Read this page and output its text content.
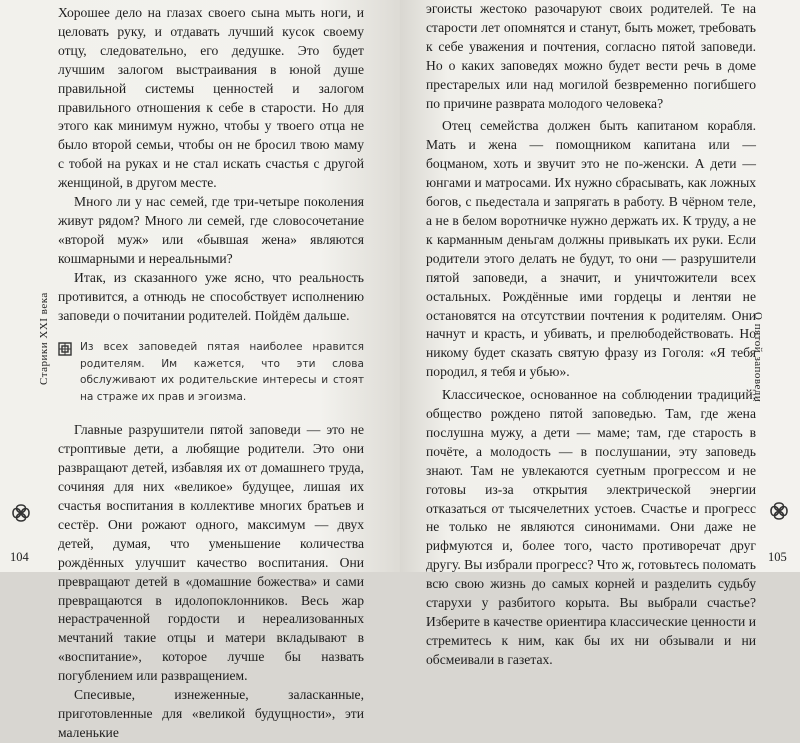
Хорошее дело на глазах своего сына мыть ноги, и целовать руку, и отдавать лучший кусок своему отцу, следовательно, его дедушке. Это будет лучшим залогом выстраивания в юной душе правильной системы ценностей и залогом правильного отношения к себе в старости. Но для этого как минимум нужно, чтобы у твоего отца не было второй семьи, чтобы он не бросил твою маму с тобой на руках и не стал искать счастья с другой женщиной, в другом месте.

Много ли у нас семей, где три-четыре поколения живут рядом? Много ли семей, где словосочетание «второй муж» или «бывшая жена» являются кошмарными и нереальными?

Итак, из сказанного уже ясно, что реальность противится, а отнюдь не способствует исполнению заповеди о почитании родителей. Пойдём дальше.

Из всех заповедей пятая наиболее нравится родителям. Им кажется, что эти слова обслуживают их родительские интересы и стоят на страже их прав и эгоизма.

Главные разрушители пятой заповеди — это не строптивые дети, а любящие родители. Это они развращают детей, избавляя их от домашнего труда, сочиняя для них «великое» будущее, лишая их счастья воспитания в коллективе многих братьев и сестёр. Они рожают одного, максимум — двух детей, думая, что уменьшение количества рождённых улучшит качество воспитания. Они превращают детей в «домашние божества» и сами превращаются в идолопоклонников. Весь жар нерастраченной гордости и нереализованных мечтаний такие отцы и матери вкладывают в «воспитание», которое лучше бы назвать погублением или развращением.

Спесивые, изнеженные, заласканные, приготовленные для «великой будущности», эти маленькие

Старики XXI века
104

эгоисты жестоко разочаруют своих родителей. Те на старости лет опомнятся и станут, быть может, требовать к себе уважения и почтения, согласно пятой заповеди. Но о каких заповедях можно будет вести речь в доме престарелых или над могилой безвременно погибшего по причине разврата молодого человека?

Отец семейства должен быть капитаном корабля. Мать и жена — помощником капитана или — боцманом, хоть и звучит это не по-женски. А дети — юнгами и матросами. Их нужно сбрасывать, как ложных богов, с пьедестала и запрягать в работу. В чёрном теле, а не в белом воротничке нужно держать их. К труду, а не к карманным деньгам должны привыкать их руки. Если родители этого делать не будут, то они — разрушители пятой заповеди, а значит, и уничтожители всех остальных. Рождённые ими гордецы и лентяи не остановятся на отсутствии почтения к родителям. Они начнут и красть, и убивать, и прелюбодействовать. Но никому будет сказать святую фразу из Гоголя: «Я тебя породил, я тебя и убью».

Классическое, основанное на соблюдении традиций, общество рождено пятой заповедью. Там, где жена послушна мужу, а дети — маме; там, где старость в почёте, а молодость — в послушании, эту заповедь знают. Там не увлекаются суетным прогрессом и не готовы из-за открытия электрической энергии отказаться от тысячелетних устоев. Счастье и прогресс не только не являются синонимами. Они даже не рифмуются и, более того, часто противоречат друг другу. Вы избрали прогресс? Что ж, готовьтесь поломать всю свою жизнь до самых корней и разделить судьбу старухи у разбитого корыта. Вы выбрали счастье? Изберите в качестве ориентира классические ценности и стремитесь к ним, как бы их ни обзывали и ни обсмеивали в газетах.

О пятой заповеди
105
